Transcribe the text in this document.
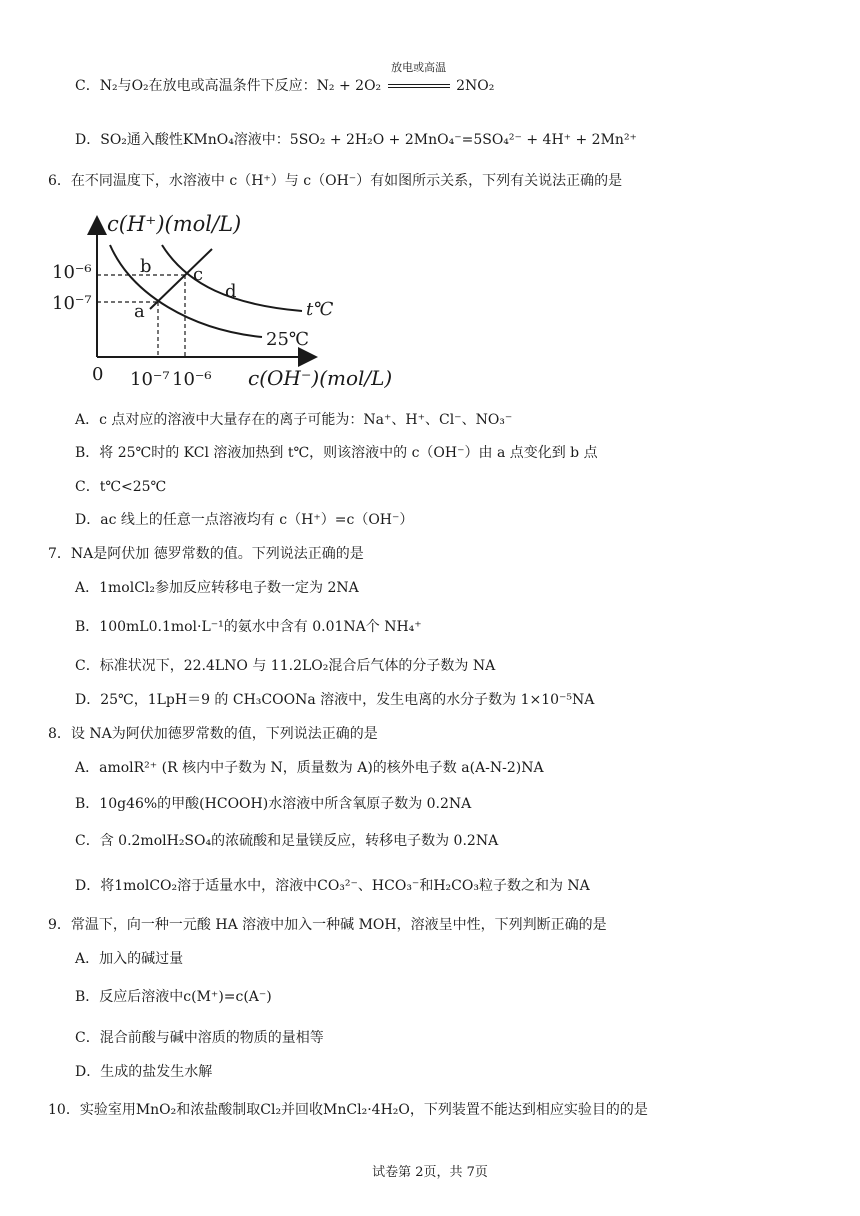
C．N₂与O₂在放电或高温条件下反应：N₂ + 2O₂
放电或高温
2NO₂
D．SO₂通入酸性KMnO₄溶液中：5SO₂ + 2H₂O + 2MnO₄⁻=5SO₄²⁻ + 4H⁺ + 2Mn²⁺
6．在不同温度下，水溶液中 c（H⁺）与 c（OH⁻）有如图所示关系，下列有关说法正确的是
c(H⁺)(mol/L)
10⁻⁶
10⁻⁷
b c
d
a	t℃
25℃
0 10⁻⁷ 10⁻⁶ c(OH⁻)(mol/L)
A．c 点对应的溶液中大量存在的离子可能为：Na⁺、H⁺、Cl⁻、NO₃⁻
B．将 25℃时的 KCl 溶液加热到 t℃，则该溶液中的 c（OH⁻）由 a 点变化到 b 点
C．t℃<25℃
D．ac 线上的任意一点溶液均有 c（H⁺）=c（OH⁻）
7．NA是阿伏加 德罗常数的值。下列说法正确的是
A．1molCl₂参加反应转移电子数一定为 2NA
B．100mL0.1mol·L⁻¹的氨水中含有 0.01NA个 NH₄⁺
C．标准状况下，22.4LNO 与 11.2LO₂混合后气体的分子数为 NA
D．25℃，1LpH＝9 的 CH₃COONa 溶液中，发生电离的水分子数为 1×10⁻⁵NA
8．设 NA为阿伏加德罗常数的值，下列说法正确的是
A．amolR²⁺ (R 核内中子数为 N，质量数为 A)的核外电子数 a(A-N-2)NA
B．10g46%的甲酸(HCOOH)水溶液中所含氧原子数为 0.2NA
C．含 0.2molH₂SO₄的浓硫酸和足量镁反应，转移电子数为 0.2NA
D．将1molCO₂溶于适量水中，溶液中CO₃²⁻、HCO₃⁻和H₂CO₃粒子数之和为 NA
9．常温下，向一种一元酸 HA 溶液中加入一种碱 MOH，溶液呈中性，下列判断正确的是
A．加入的碱过量
B．反应后溶液中c(M⁺)=c(A⁻)
C．混合前酸与碱中溶质的物质的量相等
D．生成的盐发生水解
10．实验室用MnO₂和浓盐酸制取Cl₂并回收MnCl₂·4H₂O，下列装置不能达到相应实验目的的是
试卷第 2页，共 7页
